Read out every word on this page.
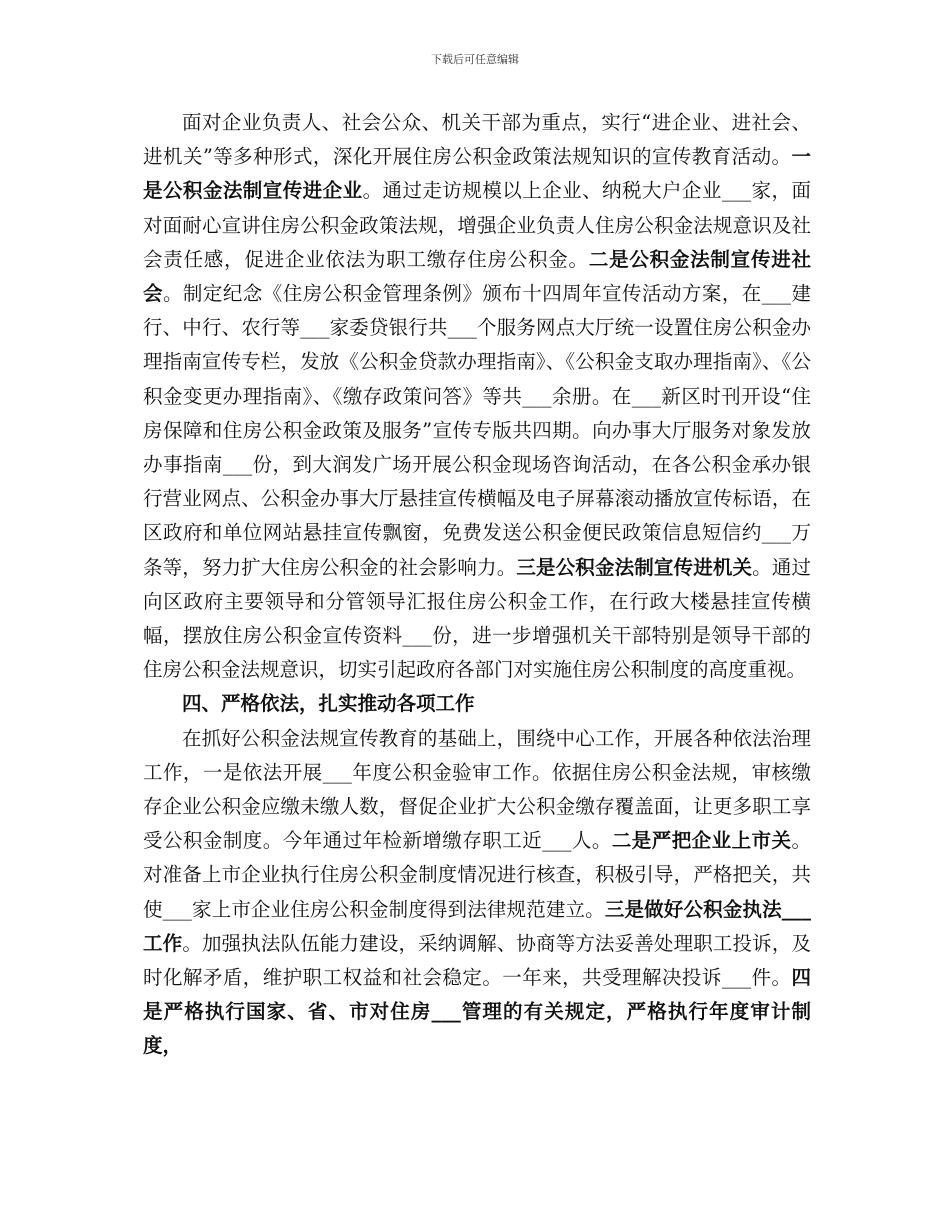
下载后可任意编辑

面对企业负责人、社会公众、机关干部为重点，实行“进企业、进社会、进机关”等多种形式，深化开展住房公积金政策法规知识的宣传教育活动。一是公积金法制宣传进企业。通过走访规模以上企业、纳税大户企业___家，面对面耐心宣讲住房公积金政策法规，增强企业负责人住房公积金法规意识及社会责任感，促进企业依法为职工缴存住房公积金。二是公积金法制宣传进社会。制定纪念《住房公积金管理条例》颁布十四周年宣传活动方案，在___建行、中行、农行等___家委贷银行共___个服务网点大厅统一设置住房公积金办理指南宣传专栏，发放《公积金贷款办理指南》、《公积金支取办理指南》、《公积金变更办理指南》、《缴存政策问答》等共___余册。在___新区时刊开设“住房保障和住房公积金政策及服务”宣传专版共四期。向办事大厅服务对象发放办事指南___份，到大润发广场开展公积金现场咨询活动，在各公积金承办银行营业网点、公积金办事大厅悬挂宣传横幅及电子屏幕滚动播放宣传标语，在区政府和单位网站悬挂宣传飘窗，免费发送公积金便民政策信息短信约___万条等，努力扩大住房公积金的社会影响力。三是公积金法制宣传进机关。通过向区政府主要领导和分管领导汇报住房公积金工作，在行政大楼悬挂宣传横幅，摆放住房公积金宣传资料___份，进一步增强机关干部特别是领导干部的住房公积金法规意识，切实引起政府各部门对实施住房公积制度的高度重视。

四、严格依法，扎实推动各项工作

在抓好公积金法规宣传教育的基础上，围绕中心工作，开展各种依法治理工作，一是依法开展___年度公积金验审工作。依据住房公积金法规，审核缴存企业公积金应缴未缴人数，督促企业扩大公积金缴存覆盖面，让更多职工享受公积金制度。今年通过年检新增缴存职工近___人。二是严把企业上市关。对准备上市企业执行住房公积金制度情况进行核查，积极引导，严格把关，共使___家上市企业住房公积金制度得到法律规范建立。三是做好公积金执法___工作。加强执法队伍能力建设，采纳调解、协商等方法妥善处理职工投诉，及时化解矛盾，维护职工权益和社会稳定。一年来，共受理解决投诉___件。四是严格执行国家、省、市对住房___管理的有关规定，严格执行年度审计制度，
